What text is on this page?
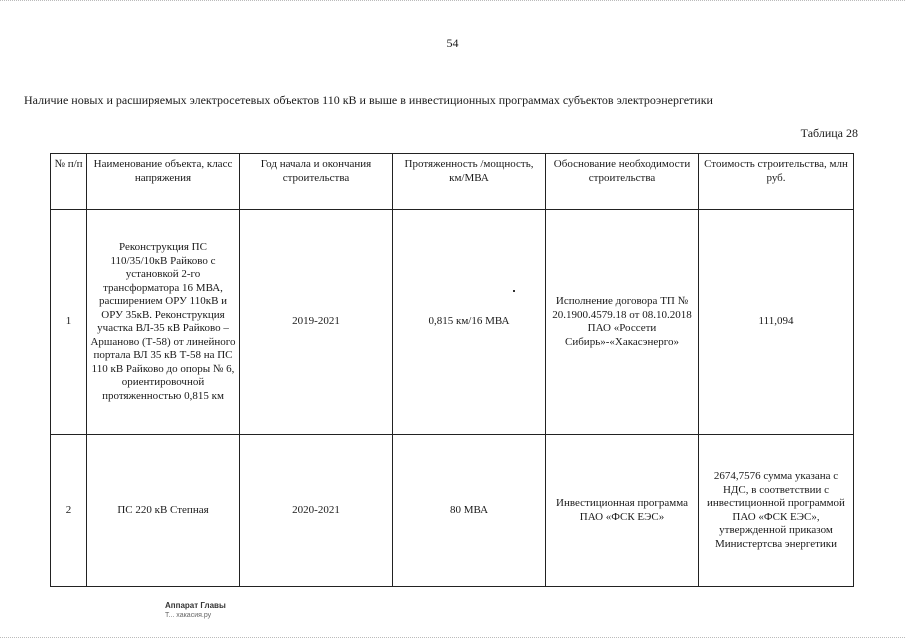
54
Наличие новых и расширяемых электросетевых объектов 110 кВ и выше в инвестиционных программах субъектов электроэнергетики
Таблица 28
№ п/п	Наименование объекта, класс напряжения	Год начала и окончания строительства	Протяженность /мощность, км/МВА	Обоснование необходимости строительства	Стоимость строительства, млн руб.
1	Реконструкция ПС 110/35/10кВ Райково с установкой 2-го трансформатора 16 МВА, расширением ОРУ 110кВ и ОРУ 35кВ. Реконструкция участка ВЛ-35 кВ Райково – Аршаново (Т-58) от линейного портала ВЛ 35 кВ Т-58 на ПС 110 кВ Райково до опоры № 6, ориентировочной протяженностью 0,815 км	2019-2021	0,815 км/16 МВА	Исполнение договора ТП № 20.1900.4579.18 от 08.10.2018 ПАО «Россети Сибирь»-«Хакасэнерго»	111,094
2	ПС 220 кВ Степная	2020-2021	80 МВА	Инвестиционная программа ПАО «ФСК ЕЭС»	2674,7576 сумма указана с НДС, в соответствии с инвестиционной программой ПАО «ФСК ЕЭС», утвержденной приказом Министертсва энергетики
Аппарат Главы
Т... хакасия.ру
